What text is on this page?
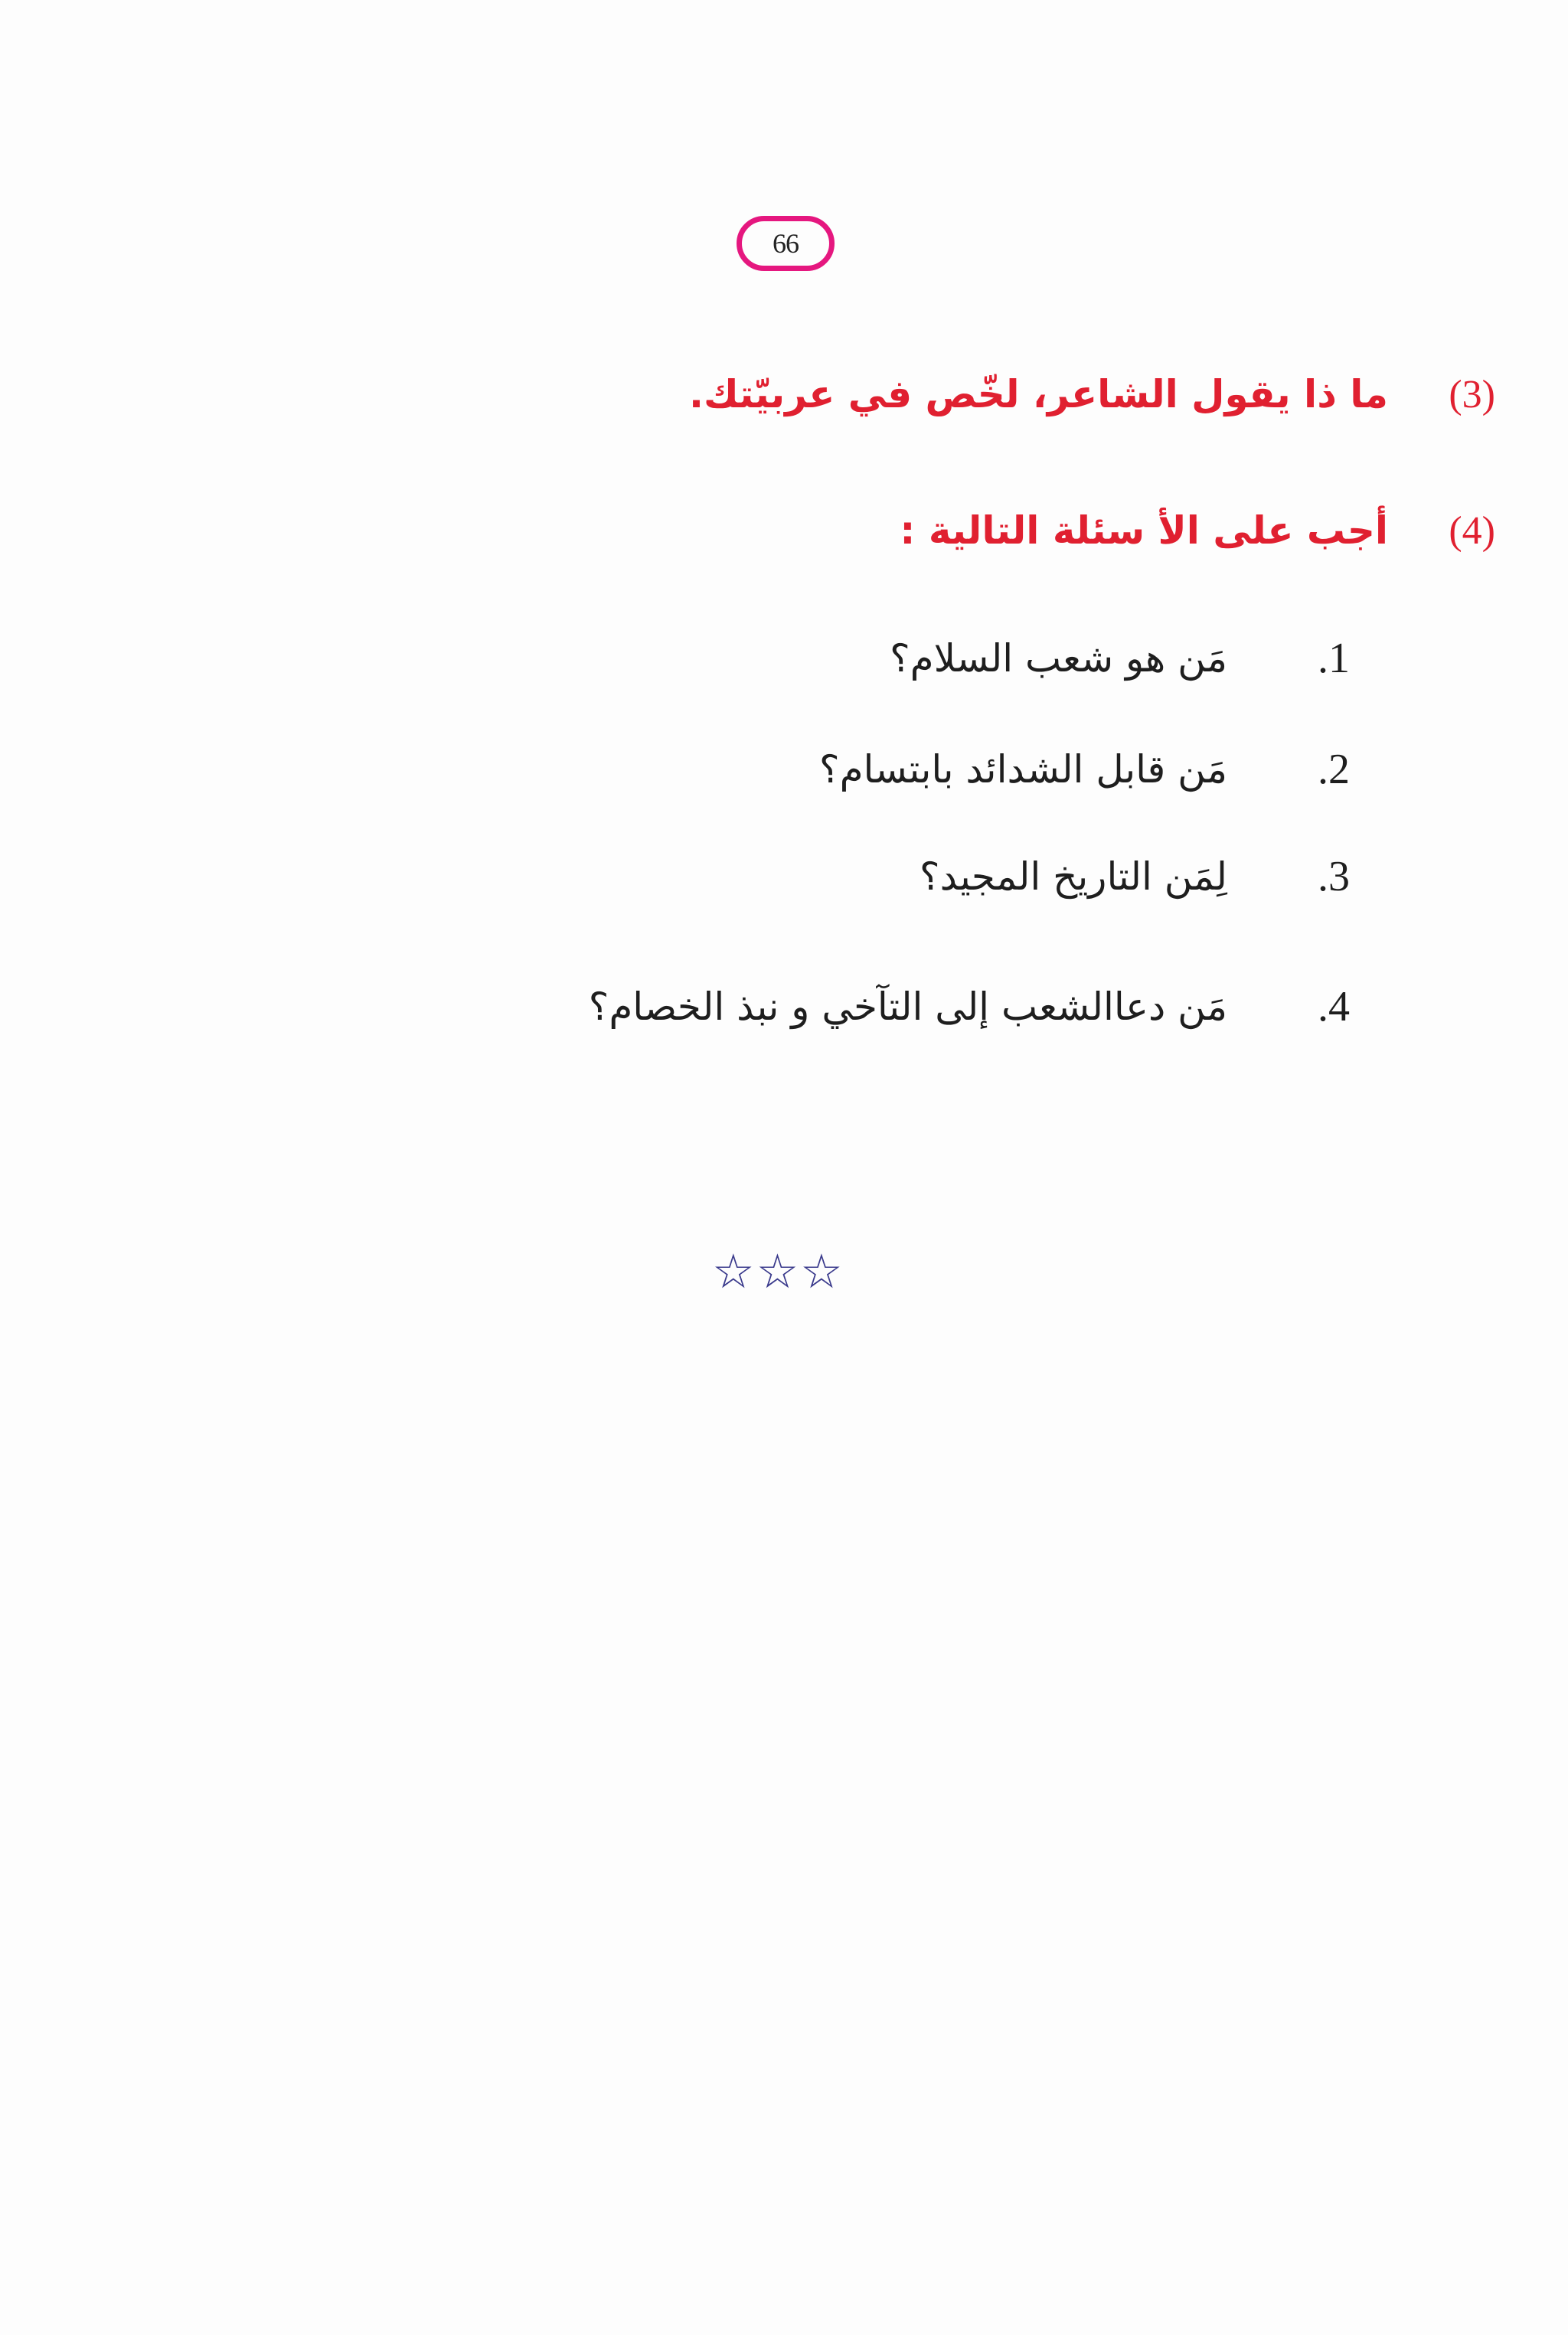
66
(3)
ما ذا يقول الشاعر، لخّص في عربيّتك.
(4)
أجب على الأ سئلة التالية :
1.
مَن هو شعب السلام؟
2.
مَن قابل الشدائد بابتسام؟
3.
لِمَن التاريخ المجيد؟
4.
مَن دعاالشعب إلى التآخي و نبذ الخصام؟
☆☆☆
